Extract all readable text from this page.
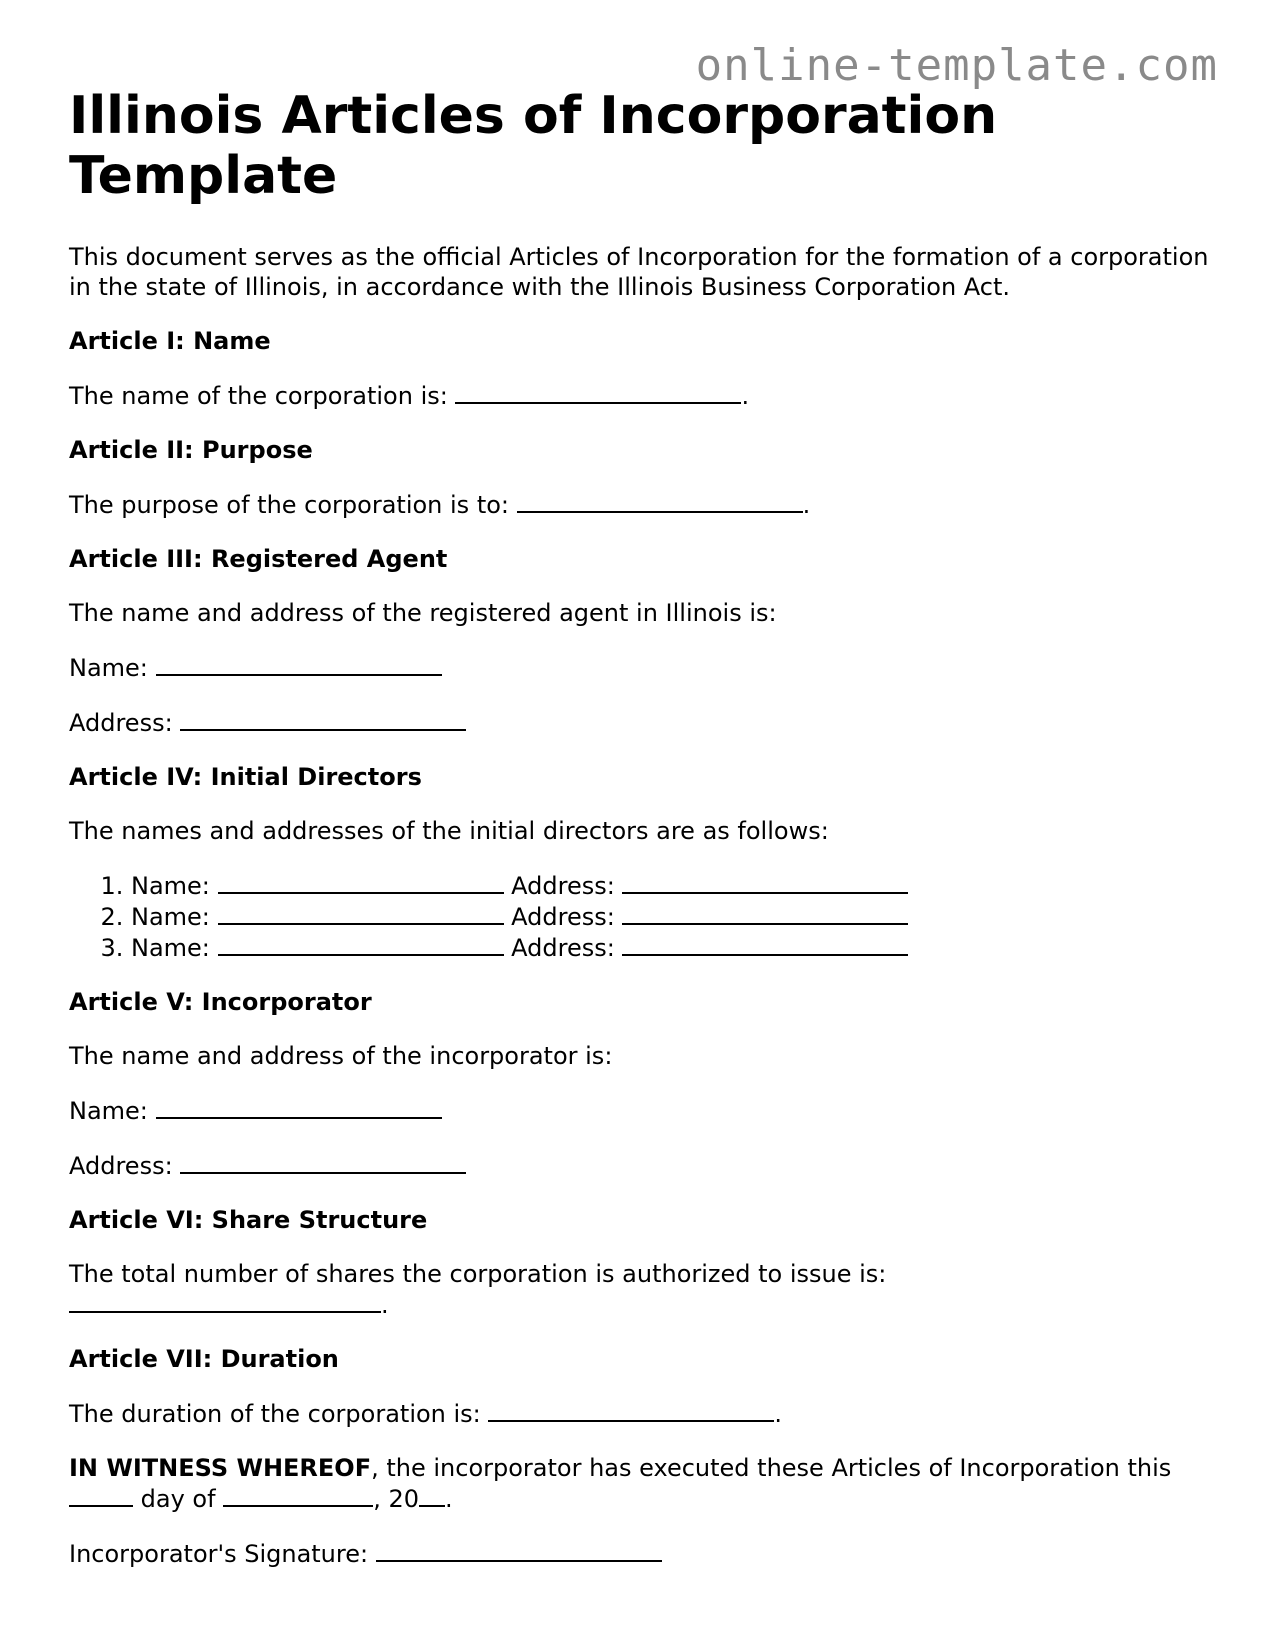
online-template.com
Illinois Articles of Incorporation Template

This document serves as the official Articles of Incorporation for the formation of a corporation in the state of Illinois, in accordance with the Illinois Business Corporation Act.

Article I: Name

The name of the corporation is:	.

Article II: Purpose

The purpose of the corporation is to:	.

Article III: Registered Agent

The name and address of the registered agent in Illinois is:

Name:

Address:

Article IV: Initial Directors

The names and addresses of the initial directors are as follows:

1. Name:	Address:
2. Name:	Address:
3. Name:	Address:
Article V: Incorporator

The name and address of the incorporator is:

Name:

Address:

Article VI: Share Structure

The total number of shares the corporation is authorized to issue is:
.

Article VII: Duration

The duration of the corporation is:	.

IN WITNESS WHEREOF, the incorporator has executed these Articles of Incorporation this  day of	, 20 .

Incorporator's Signature:
